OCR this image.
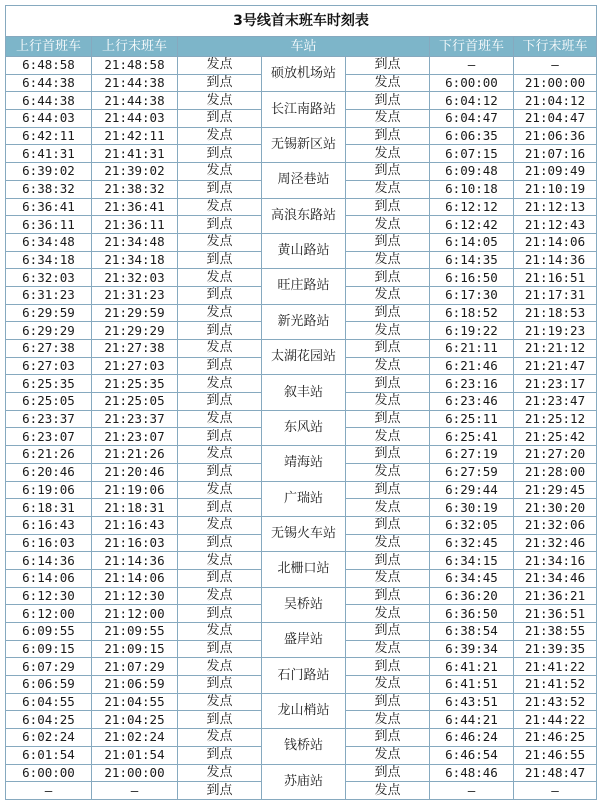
3号线首末班车时刻表						
上行首班车	上行末班车	车站			下行首班车	下行末班车
6:48:58	21:48:58	发点	硕放机场站	到点	—	—
6:44:38	21:44:38	到点		发点	6:00:00	21:00:00
6:44:38	21:44:38	发点	长江南路站	到点	6:04:12	21:04:12
6:44:03	21:44:03	到点		发点	6:04:47	21:04:47
6:42:11	21:42:11	发点	无锡新区站	到点	6:06:35	21:06:36
6:41:31	21:41:31	到点		发点	6:07:15	21:07:16
6:39:02	21:39:02	发点	周泾巷站	到点	6:09:48	21:09:49
6:38:32	21:38:32	到点		发点	6:10:18	21:10:19
6:36:41	21:36:41	发点	高浪东路站	到点	6:12:12	21:12:13
6:36:11	21:36:11	到点		发点	6:12:42	21:12:43
6:34:48	21:34:48	发点	黄山路站	到点	6:14:05	21:14:06
6:34:18	21:34:18	到点		发点	6:14:35	21:14:36
6:32:03	21:32:03	发点	旺庄路站	到点	6:16:50	21:16:51
6:31:23	21:31:23	到点		发点	6:17:30	21:17:31
6:29:59	21:29:59	发点	新光路站	到点	6:18:52	21:18:53
6:29:29	21:29:29	到点		发点	6:19:22	21:19:23
6:27:38	21:27:38	发点	太湖花园站	到点	6:21:11	21:21:12
6:27:03	21:27:03	到点		发点	6:21:46	21:21:47
6:25:35	21:25:35	发点	叙丰站	到点	6:23:16	21:23:17
6:25:05	21:25:05	到点		发点	6:23:46	21:23:47
6:23:37	21:23:37	发点	东风站	到点	6:25:11	21:25:12
6:23:07	21:23:07	到点		发点	6:25:41	21:25:42
6:21:26	21:21:26	发点	靖海站	到点	6:27:19	21:27:20
6:20:46	21:20:46	到点		发点	6:27:59	21:28:00
6:19:06	21:19:06	发点	广瑞站	到点	6:29:44	21:29:45
6:18:31	21:18:31	到点		发点	6:30:19	21:30:20
6:16:43	21:16:43	发点	无锡火车站	到点	6:32:05	21:32:06
6:16:03	21:16:03	到点		发点	6:32:45	21:32:46
6:14:36	21:14:36	发点	北栅口站	到点	6:34:15	21:34:16
6:14:06	21:14:06	到点		发点	6:34:45	21:34:46
6:12:30	21:12:30	发点	吴桥站	到点	6:36:20	21:36:21
6:12:00	21:12:00	到点		发点	6:36:50	21:36:51
6:09:55	21:09:55	发点	盛岸站	到点	6:38:54	21:38:55
6:09:15	21:09:15	到点		发点	6:39:34	21:39:35
6:07:29	21:07:29	发点	石门路站	到点	6:41:21	21:41:22
6:06:59	21:06:59	到点		发点	6:41:51	21:41:52
6:04:55	21:04:55	发点	龙山梢站	到点	6:43:51	21:43:52
6:04:25	21:04:25	到点		发点	6:44:21	21:44:22
6:02:24	21:02:24	发点	钱桥站	到点	6:46:24	21:46:25
6:01:54	21:01:54	到点		发点	6:46:54	21:46:55
6:00:00	21:00:00	发点	苏庙站	到点	6:48:46	21:48:47
—	—	到点		发点	—	—
